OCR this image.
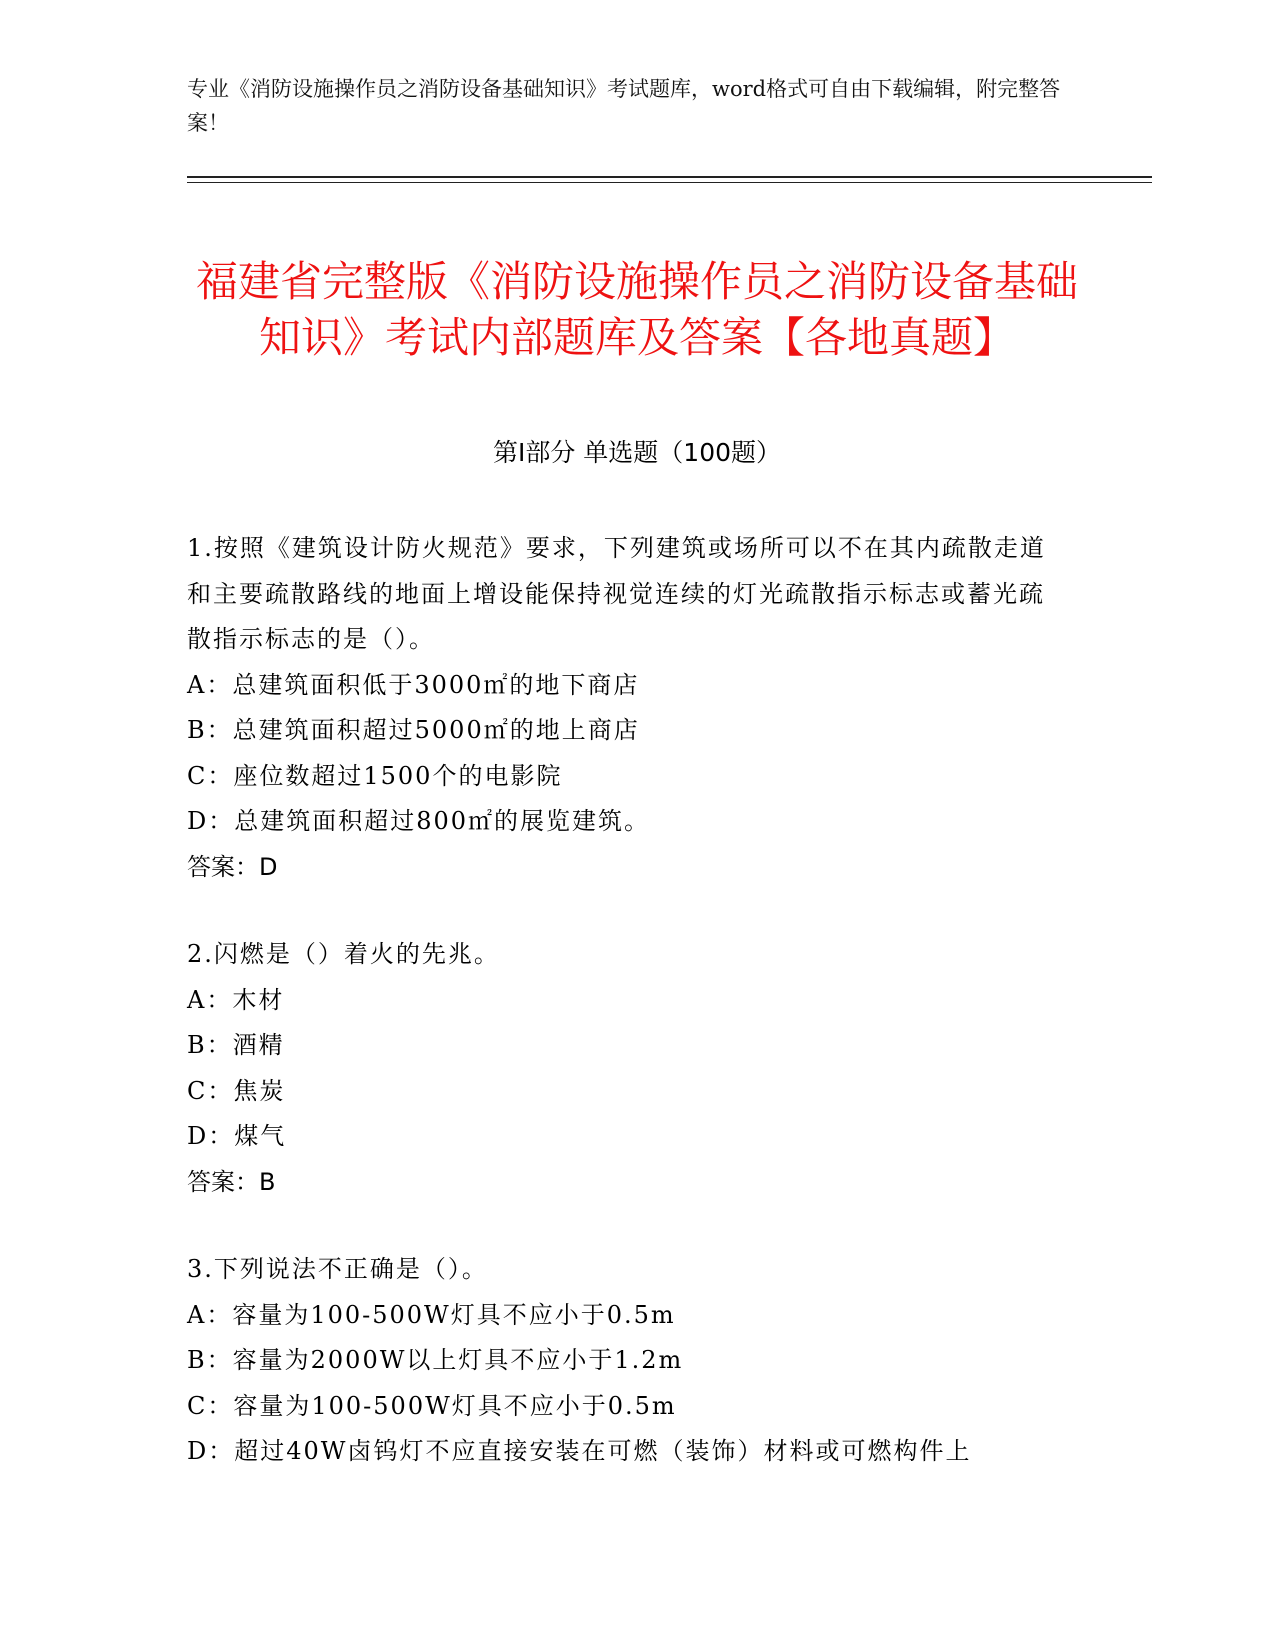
专业《消防设施操作员之消防设备基础知识》考试题库，word格式可自由下载编辑，附完整答案！
福建省完整版《消防设施操作员之消防设备基础知识》考试内部题库及答案【各地真题】
第I部分 单选题（100题）
1.按照《建筑设计防火规范》要求，下列建筑或场所可以不在其内疏散走道和主要疏散路线的地面上增设能保持视觉连续的灯光疏散指示标志或蓄光疏散指示标志的是（）。
A：总建筑面积低于3000㎡的地下商店
B：总建筑面积超过5000㎡的地上商店
C：座位数超过1500个的电影院
D：总建筑面积超过800㎡的展览建筑。
答案：D
2.闪燃是（）着火的先兆。
A：木材
B：酒精
C：焦炭
D：煤气
答案：B
3.下列说法不正确是（）。
A：容量为100-500W灯具不应小于0.5m
B：容量为2000W以上灯具不应小于1.2m
C：容量为100-500W灯具不应小于0.5m
D：超过40W卤钨灯不应直接安装在可燃（装饰）材料或可燃构件上
